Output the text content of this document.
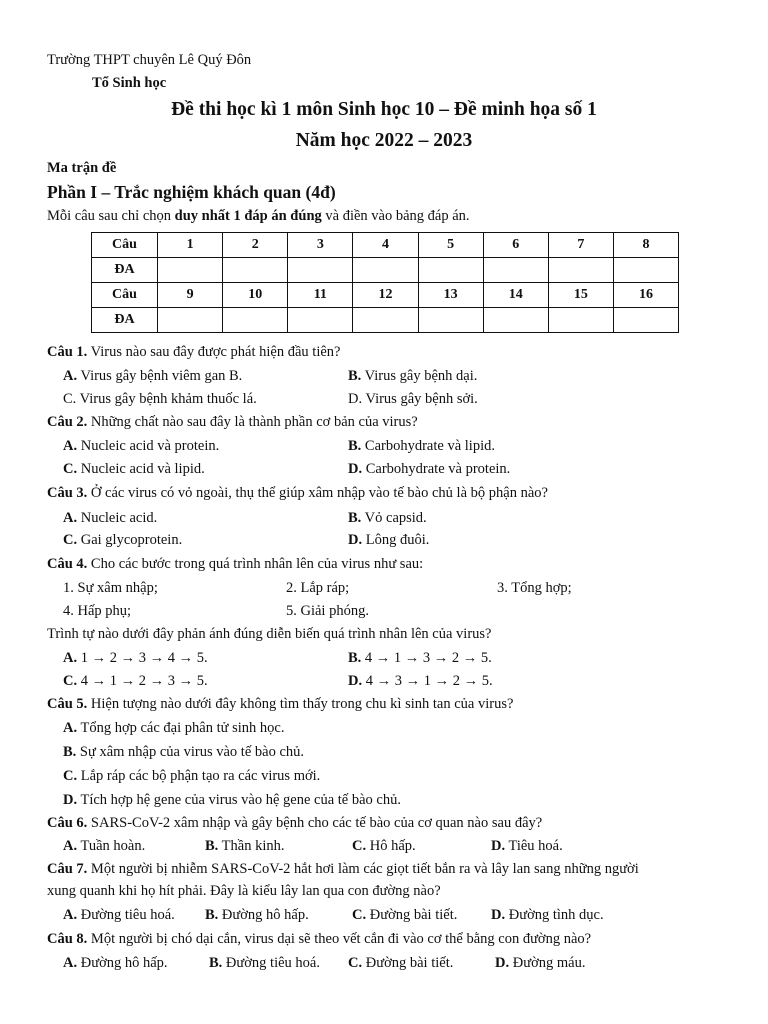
Trường THPT chuyên Lê Quý Đôn
Tổ Sinh học
Đề thi học kì 1 môn Sinh học 10 – Đề minh họa số 1
Năm học 2022 – 2023
Ma trận đề
Phần I – Trắc nghiệm khách quan (4đ)
Mỗi câu sau chỉ chọn duy nhất 1 đáp án đúng và điền vào bảng đáp án.
Câu	1	2	3	4	5	6	7	8
ĐA								
Câu	9	10	11	12	13	14	15	16
ĐA								
Câu 1. Virus nào sau đây được phát hiện đầu tiên?
A. Virus gây bệnh viêm gan B.	B. Virus gây bệnh dại.
C. Virus gây bệnh khảm thuốc lá.	D. Virus gây bệnh sởi.
Câu 2. Những chất nào sau đây là thành phần cơ bản của virus?
A. Nucleic acid và protein.	B. Carbohydrate và lipid.
C. Nucleic acid và lipid.	D. Carbohydrate và protein.
Câu 3. Ở các virus có vỏ ngoài, thụ thể giúp xâm nhập vào tế bào chủ là bộ phận nào?
A. Nucleic acid.	B. Vỏ capsid.
C. Gai glycoprotein.	D. Lông đuôi.
Câu 4. Cho các bước trong quá trình nhân lên của virus như sau:
1. Sự xâm nhập;	2. Lắp ráp;	3. Tổng hợp;
4. Hấp phụ;	5. Giải phóng.
Trình tự nào dưới đây phản ánh đúng diễn biến quá trình nhân lên của virus?
A. 1 → 2 → 3 → 4 → 5.	B. 4 → 1 → 3 → 2 → 5.
C. 4 → 1 → 2 → 3 → 5.	D. 4 → 3 → 1 → 2 → 5.
Câu 5. Hiện tượng nào dưới đây không tìm thấy trong chu kì sinh tan của virus?
A. Tổng hợp các đại phân tử sinh học.
B. Sự xâm nhập của virus vào tế bào chủ.
C. Lắp ráp các bộ phận tạo ra các virus mới.
D. Tích hợp hệ gene của virus vào hệ gene của tế bào chủ.
Câu 6. SARS-CoV-2 xâm nhập và gây bệnh cho các tế bào của cơ quan nào sau đây?
A. Tuần hoàn.	B. Thần kinh.	C. Hô hấp.	D. Tiêu hoá.
Câu 7. Một người bị nhiễm SARS-CoV-2 hắt hơi làm các giọt tiết bắn ra và lây lan sang những người
xung quanh khi họ hít phải. Đây là kiểu lây lan qua con đường nào?
A. Đường tiêu hoá. B. Đường hô hấp.	C. Đường bài tiết. D. Đường tình dục.
Câu 8. Một người bị chó dại cắn, virus dại sẽ theo vết cắn đi vào cơ thể bằng con đường nào?
A. Đường hô hấp.	B. Đường tiêu hoá. C. Đường bài tiết.	D. Đường máu.
